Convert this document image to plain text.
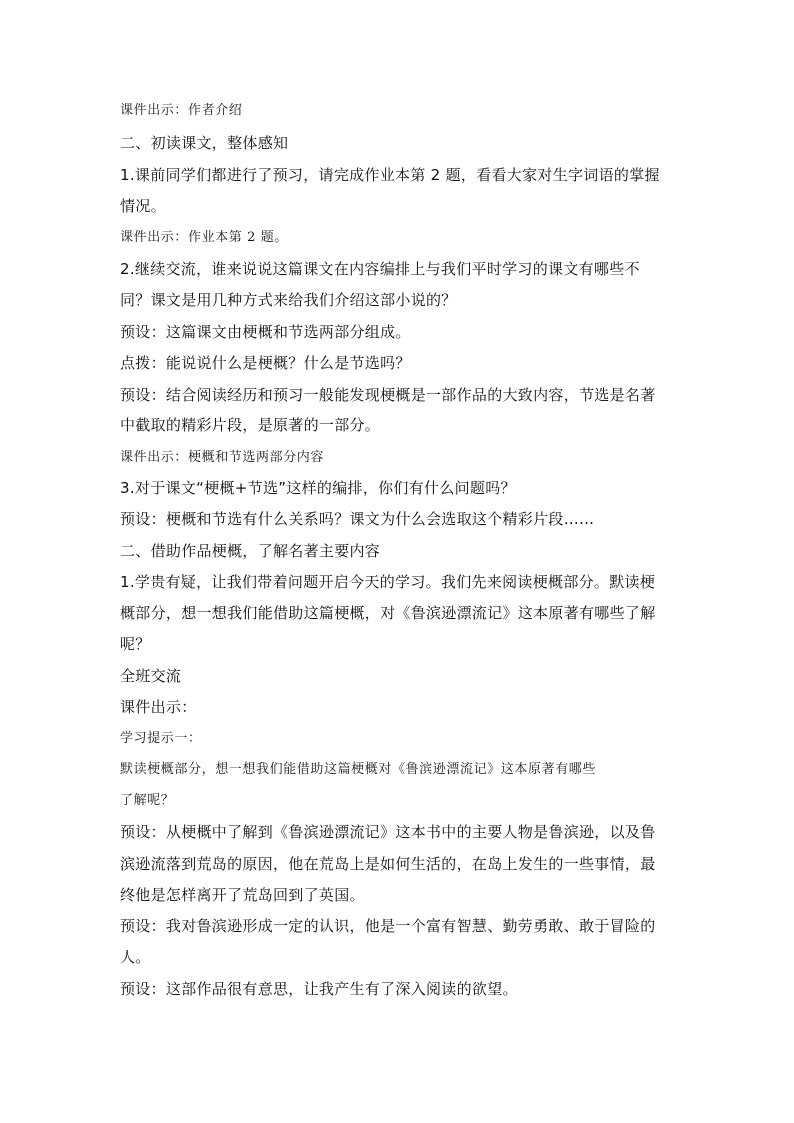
课件出示：作者介绍
二、初读课文，整体感知
1.课前同学们都进行了预习，请完成作业本第 2 题，看看大家对生字词语的掌握
情况。
课件出示：作业本第 2 题。
2.继续交流，谁来说说这篇课文在内容编排上与我们平时学习的课文有哪些不
同？课文是用几种方式来给我们介绍这部小说的？
预设：这篇课文由梗概和节选两部分组成。
点拨：能说说什么是梗概？什么是节选吗？
预设：结合阅读经历和预习一般能发现梗概是一部作品的大致内容，节选是名著
中截取的精彩片段，是原著的一部分。
课件出示：梗概和节选两部分内容
3.对于课文“梗概+节选”这样的编排，你们有什么问题吗？
预设：梗概和节选有什么关系吗？课文为什么会选取这个精彩片段……
二、借助作品梗概，了解名著主要内容
1.学贵有疑，让我们带着问题开启今天的学习。我们先来阅读梗概部分。默读梗
概部分，想一想我们能借助这篇梗概，对《鲁滨逊漂流记》这本原著有哪些了解
呢？
全班交流
课件出示：
学习提示一：
默读梗概部分，想一想我们能借助这篇梗概对《鲁滨逊漂流记》这本原著有哪些
了解呢？
预设：从梗概中了解到《鲁滨逊漂流记》这本书中的主要人物是鲁滨逊，以及鲁
滨逊流落到荒岛的原因，他在荒岛上是如何生活的，在岛上发生的一些事情，最
终他是怎样离开了荒岛回到了英国。
预设：我对鲁滨逊形成一定的认识，他是一个富有智慧、勤劳勇敢、敢于冒险的
人。
预设：这部作品很有意思，让我产生有了深入阅读的欲望。
